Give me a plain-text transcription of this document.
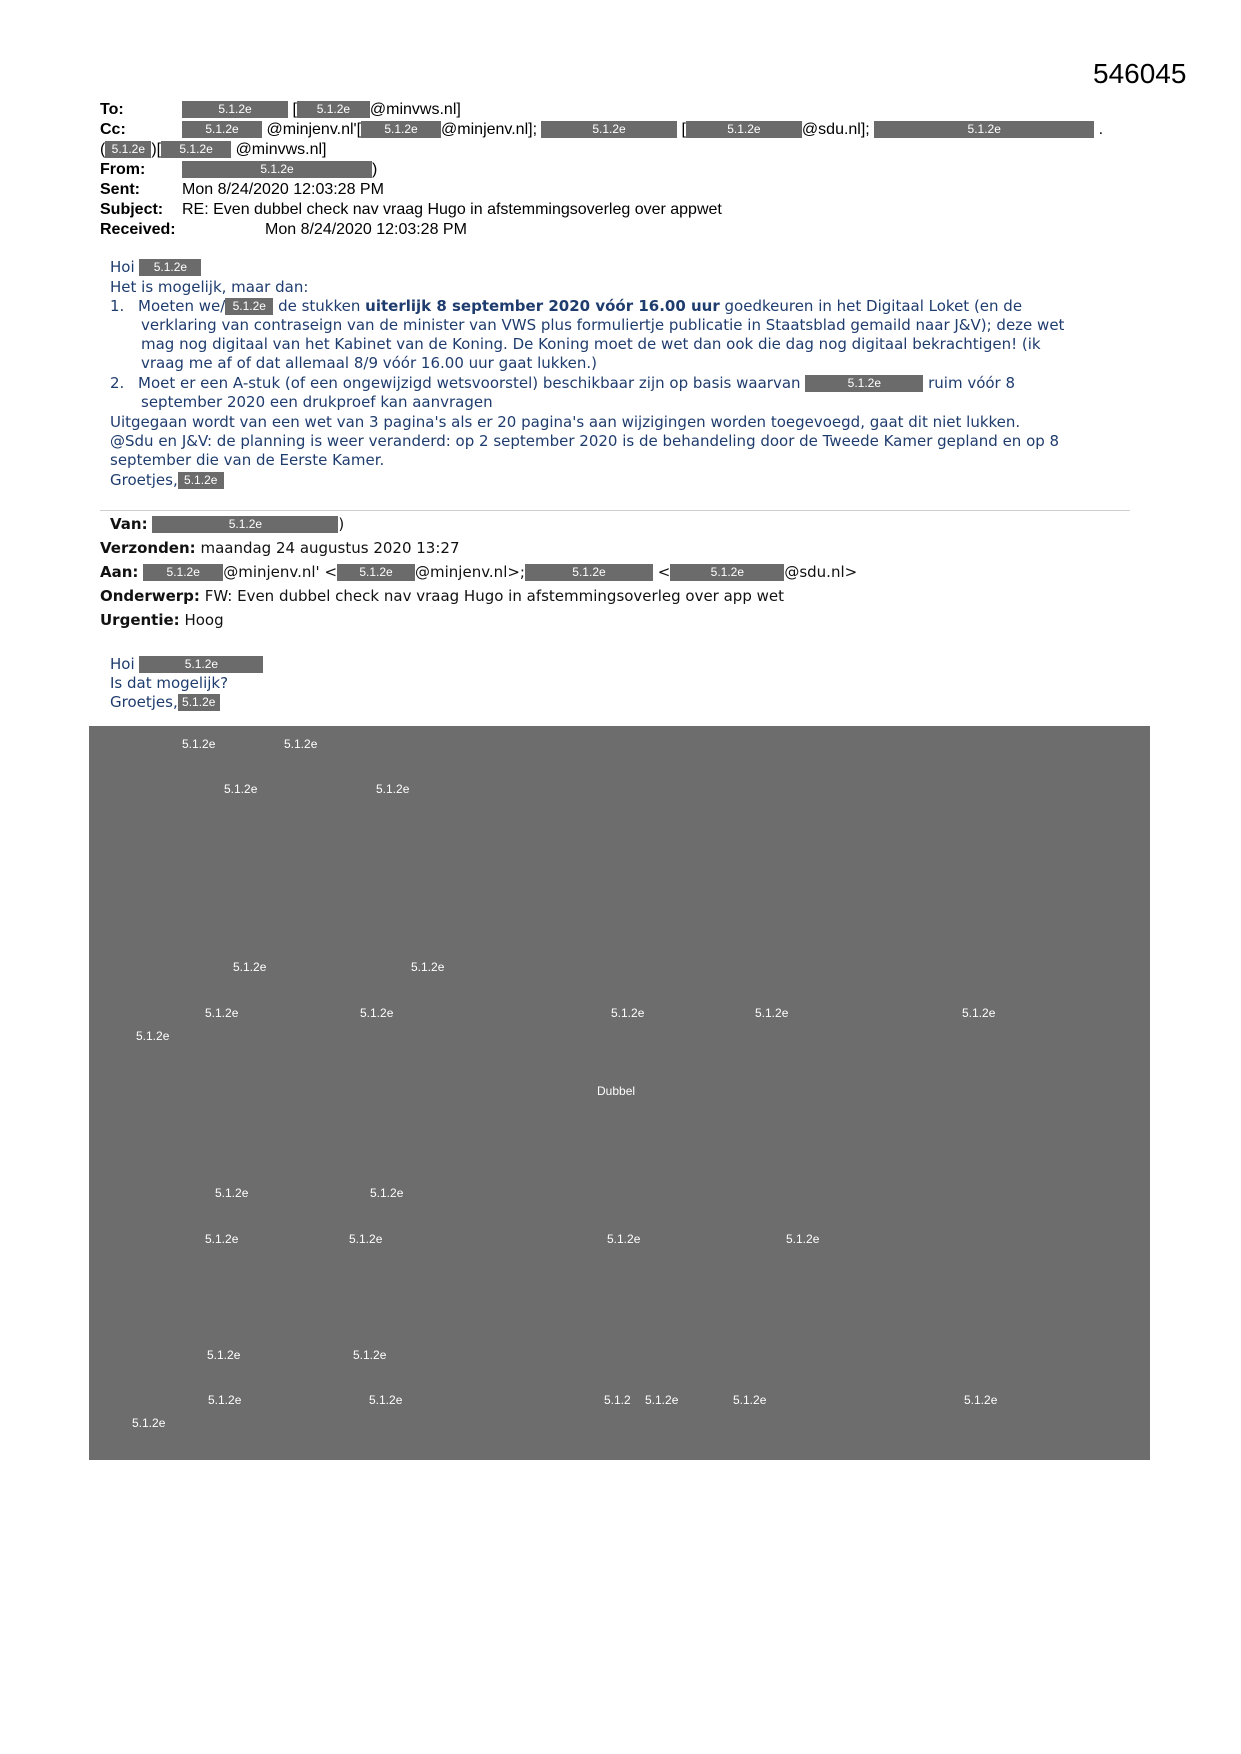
546045
To:	5.1.2e [ 5.1.2e @minvws.nl]
Cc:	5.1.2e @minjenv.nl'[ 5.1.2e @minjenv.nl];	5.1.2e	[	5.1.2e	@sdu.nl];	5.1.2e	.
( 5.1.2e )[ 5.1.2e @minvws.nl]
From:	5.1.2e	)
Sent:	Mon 8/24/2020 12:03:28 PM
Subject: RE: Even dubbel check nav vraag Hugo in afstemmingsoverleg over appwet
Received:	Mon 8/24/2020 12:03:28 PM
Hoi 5.1.2e
Het is mogelijk, maar dan:
1. Moeten we/ 5.1.2e de stukken uiterlijk 8 september 2020 vóór 16.00 uur goedkeuren in het Digitaal Loket (en de
verklaring van contraseign van de minister van VWS plus formuliertje publicatie in Staatsblad gemaild naar J&V); deze wet
mag nog digitaal van het Kabinet van de Koning. De Koning moet de wet dan ook die dag nog digitaal bekrachtigen! (ik
vraag me af of dat allemaal 8/9 vóór 16.00 uur gaat lukken.)
2. Moet er een A-stuk (of een ongewijzigd wetsvoorstel) beschikbaar zijn op basis waarvan	5.1.2e	ruim vóór 8
september 2020 een drukproef kan aanvragen
Uitgegaan wordt van een wet van 3 pagina's als er 20 pagina's aan wijzigingen worden toegevoegd, gaat dit niet lukken.
@Sdu en J&V: de planning is weer veranderd: op 2 september 2020 is de behandeling door de Tweede Kamer gepland en op 8
september die van de Eerste Kamer.
Groetjes, 5.1.2e
Van:	5.1.2e	)
Verzonden: maandag 24 augustus 2020 13:27
Aan: 5.1.2e @minjenv.nl' < 5.1.2e @minjenv.nl>;	5.1.2e	<	5.1.2e	@sdu.nl>
Onderwerp: FW: Even dubbel check nav vraag Hugo in afstemmingsoverleg over app wet
Urgentie: Hoog
Hoi	5.1.2e
Is dat mogelijk?
Groetjes, 5.1.2e
5.1.2e	5.1.2e
5.1.2e	5.1.2e
5.1.2e	5.1.2e
5.1.2e	5.1.2e	5.1.2e	5.1.2e	5.1.2e
5.1.2e
Dubbel
5.1.2e	5.1.2e
5.1.2e	5.1.2e	5.1.2e	5.1.2e
5.1.2e	5.1.2e
5.1.2e	5.1.2e	5.1.2 5.1.2e	5.1.2e	5.1.2e
5.1.2e
